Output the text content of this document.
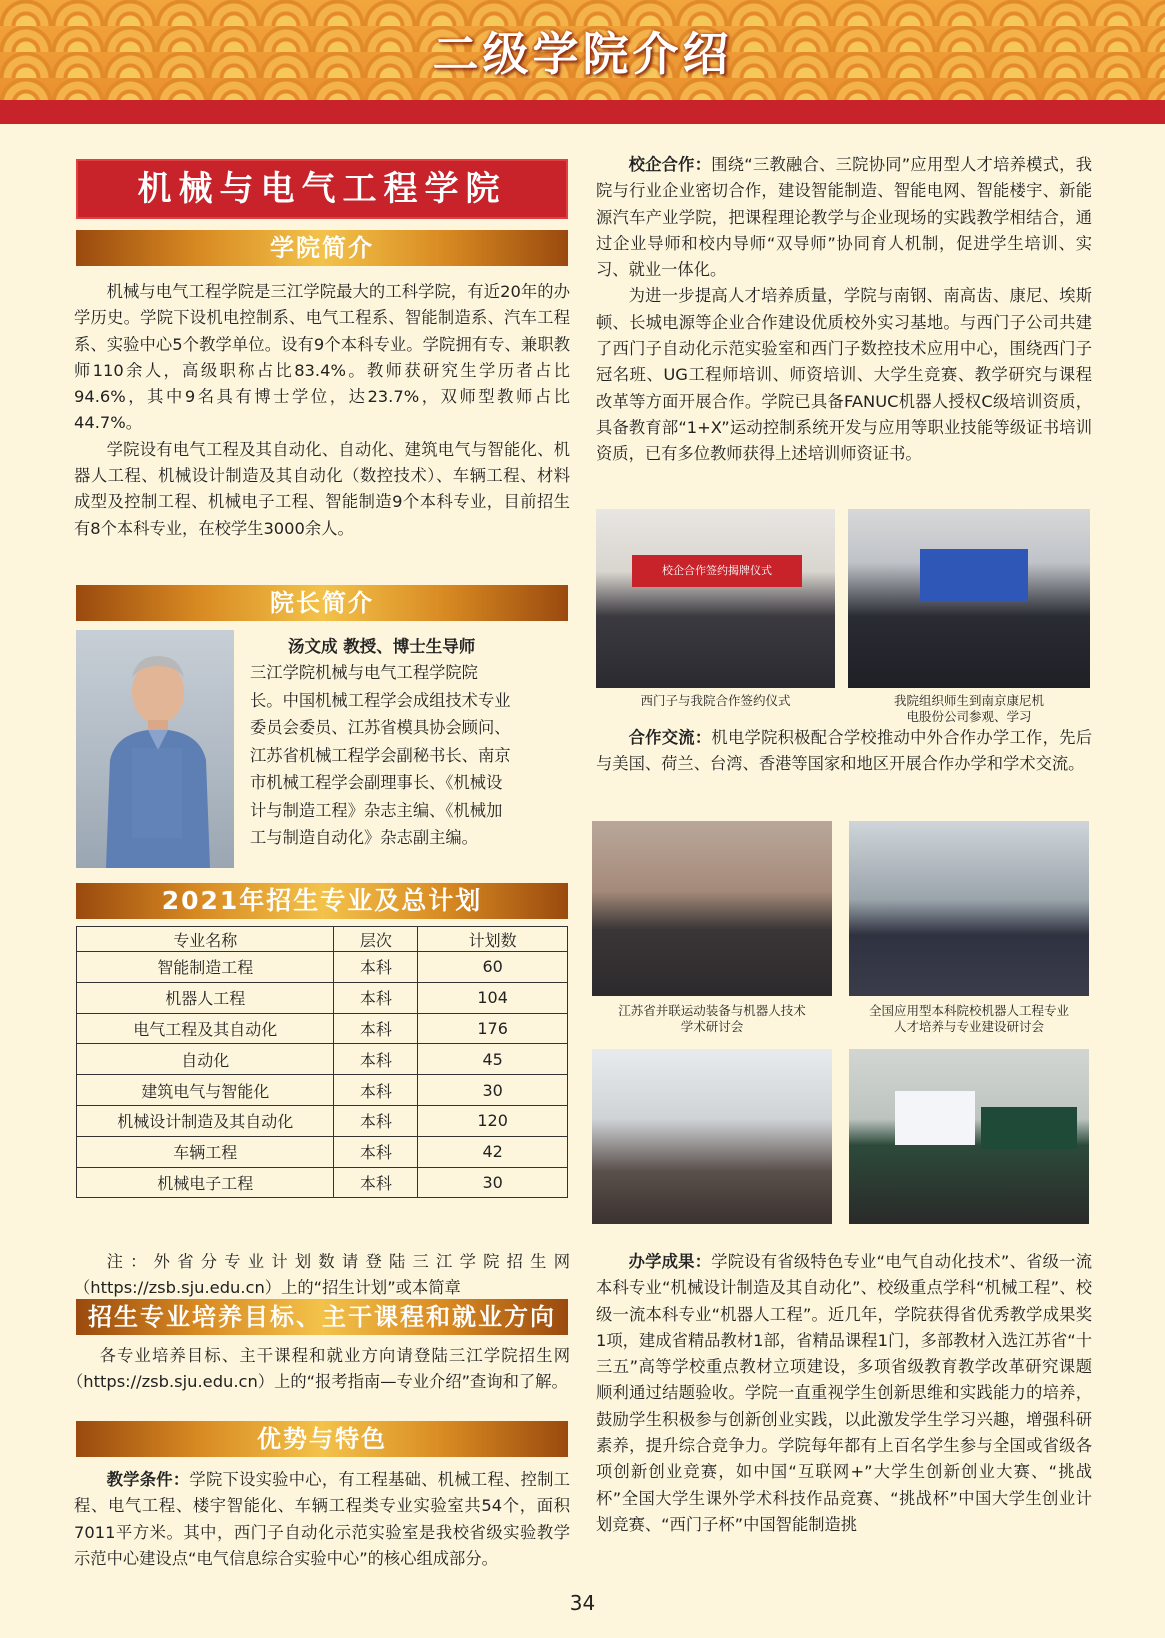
二级学院介绍
机械与电气工程学院
学院简介

机械与电气工程学院是三江学院最大的工科学院，有近20年的办学历史。学院下设机电控制系、电气工程系、智能制造系、汽车工程系、实验中心5个教学单位。设有9个本科专业。学院拥有专、兼职教师110余人，高级职称占比83.4%。教师获研究生学历者占比94.6%，其中9名具有博士学位，达23.7%，双师型教师占比44.7%。

学院设有电气工程及其自动化、自动化、建筑电气与智能化、机器人工程、机械设计制造及其自动化（数控技术）、车辆工程、材料成型及控制工程、机械电子工程、智能制造9个本科专业，目前招生有8个本科专业，在校学生3000余人。

院长简介
汤文成 教授、博士生导师
三江学院机械与电气工程学院院
长。中国机械工程学会成组技术专业
委员会委员、江苏省模具协会顾问、
江苏省机械工程学会副秘书长、南京
市机械工程学会副理事长、《机械设
计与制造工程》杂志主编、《机械加
工与制造自动化》杂志副主编。
2021年招生专业及总计划
专业名称	层次	计划数
智能制造工程	本科	60
机器人工程	本科	104
电气工程及其自动化	本科	176
自动化	本科	45
建筑电气与智能化	本科	30
机械设计制造及其自动化	本科	120
车辆工程	本科	42
机械电子工程	本科	30

注：外省分专业计划数请登陆三江学院招生网（https://zsb.sju.edu.cn）上的“招生计划”或本简章

招生专业培养目标、主干课程和就业方向

各专业培养目标、主干课程和就业方向请登陆三江学院招生网（https://zsb.sju.edu.cn）上的“报考指南—专业介绍”查询和了解。

优势与特色

教学条件：学院下设实验中心，有工程基础、机械工程、控制工程、电气工程、楼宇智能化、车辆工程类专业实验室共54个，面积7011平方米。其中，西门子自动化示范实验室是我校省级实验教学示范中心建设点“电气信息综合实验中心”的核心组成部分。

校企合作：围绕“三教融合、三院协同”应用型人才培养模式，我院与行业企业密切合作，建设智能制造、智能电网、智能楼宇、新能源汽车产业学院，把课程理论教学与企业现场的实践教学相结合，通过企业导师和校内导师“双导师”协同育人机制，促进学生培训、实习、就业一体化。

为进一步提高人才培养质量，学院与南钢、南高齿、康尼、埃斯顿、长城电源等企业合作建设优质校外实习基地。与西门子公司共建了西门子自动化示范实验室和西门子数控技术应用中心，围绕西门子冠名班、UG工程师培训、师资培训、大学生竞赛、教学研究与课程改革等方面开展合作。学院已具备FANUC机器人授权C级培训资质，具备教育部“1+X”运动控制系统开发与应用等职业技能等级证书培训资质，已有多位教师获得上述培训师资证书。

校企合作签约揭牌仪式
西门子与我院合作签约仪式	我院组织师生到南京康尼机
电股份公司参观、学习

合作交流：机电学院积极配合学校推动中外合作办学工作，先后与美国、荷兰、台湾、香港等国家和地区开展合作办学和学术交流。

江苏省并联运动装备与机器人技术
学术研讨会
全国应用型本科院校机器人工程专业
人才培养与专业建设研讨会

办学成果：学院设有省级特色专业“电气自动化技术”、省级一流本科专业“机械设计制造及其自动化”、校级重点学科“机械工程”、校级一流本科专业“机器人工程”。近几年，学院获得省优秀教学成果奖1项，建成省精品教材1部，省精品课程1门，多部教材入选江苏省“十三五”高等学校重点教材立项建设，多项省级教育教学改革研究课题顺利通过结题验收。学院一直重视学生创新思维和实践能力的培养，鼓励学生积极参与创新创业实践，以此激发学生学习兴趣，增强科研素养，提升综合竞争力。学院每年都有上百名学生参与全国或省级各项创新创业竞赛，如中国“互联网+”大学生创新创业大赛、“挑战杯”全国大学生课外学术科技作品竞赛、“挑战杯”中国大学生创业计划竞赛、“西门子杯”中国智能制造挑

34
